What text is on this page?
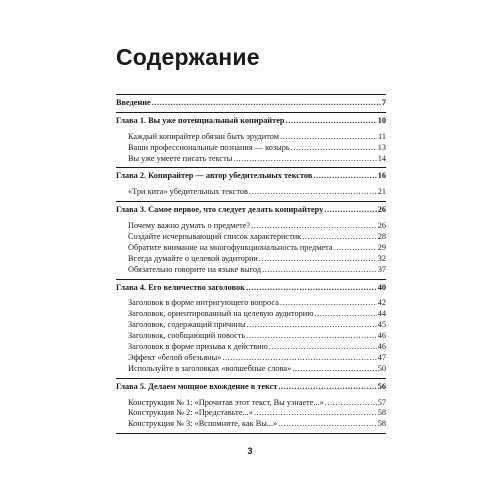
Содержание
Введение .....	7
Глава 1. Вы уже потенциальный копирайтер .....	10
Каждый копирайтер обязан быть эрудитом .....	11
Ваши профессиональные познания — козырь .....	13
Вы уже умеете писать тексты .....	14
Глава 2. Копирайтер — автор убедительных текстов .....	16
«Три кита» убедительных текстов .....	21
Глава 3. Самое первое, что следует делать копирайтеру .....	26
Почему важно думать о предмете? .....	26
Создайте исчерпывающий список характеристик .....	28
Обратите внимание на многофункциональность предмета .....	29
Всегда думайте о целевой аудитории .....	32
Обязательно говорите на языке выгод .....	37
Глава 4. Его величество заголовок .....	40
Заголовок в форме интригующего вопроса .....	42
Заголовок, ориентированный на целевую аудиторию .....	44
Заголовок, содержащий причины .....	45
Заголовок, сообщающий новость .....	46
Заголовок в форме призыва к действию .....	46
Эффект «белой обезьяны» .....	47
Используйте в заголовках «волшебные слова» .....	50
Глава 5. Делаем мощное вхождение в текст .....	56
Конструкция № 1: «Прочитав этот текст, Вы узнаете...» .....	57
Конструкция № 2: «Представьте...» .....	58
Конструкция № 3: «Вспомните, как Вы...» .....	58
3
